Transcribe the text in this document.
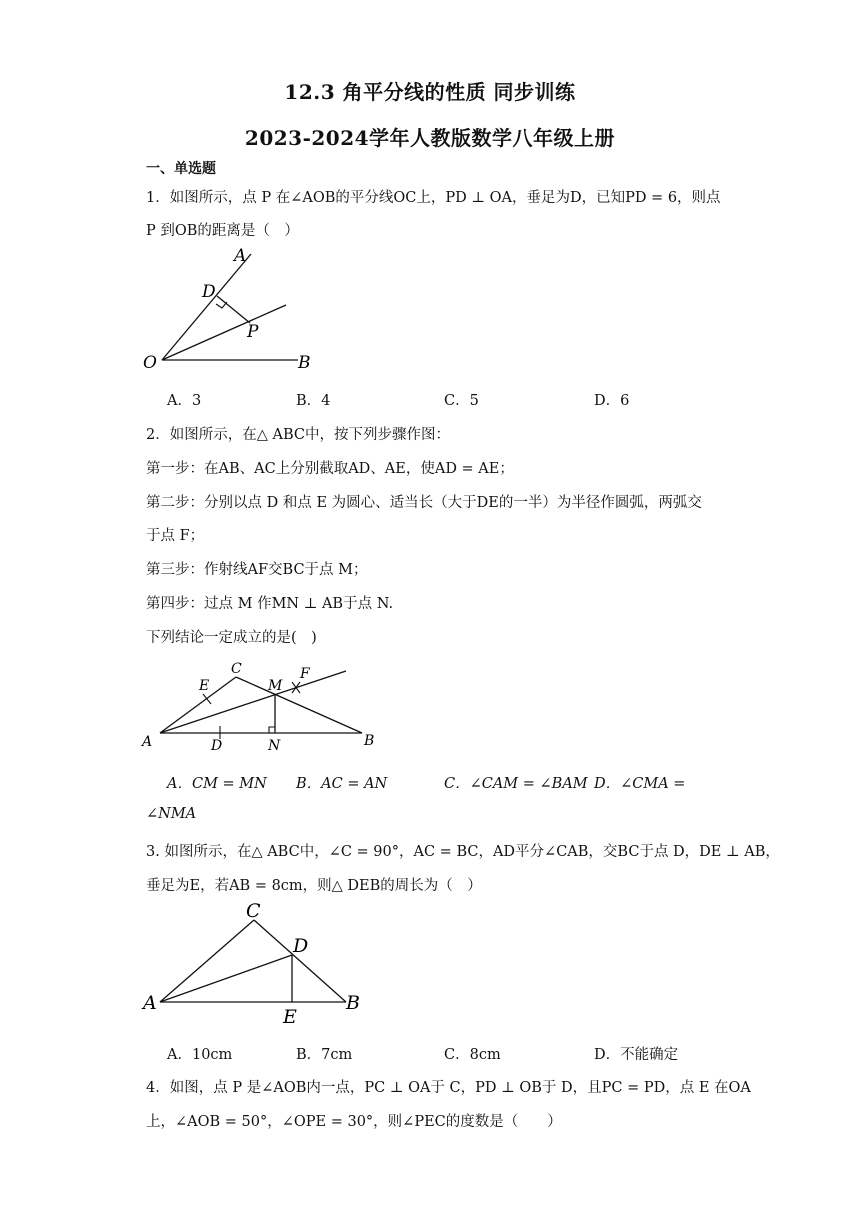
12.3 角平分线的性质 同步训练
2023-2024学年人教版数学八年级上册
一、单选题
1．如图所示，点 P 在∠AOB的平分线OC上，PD ⊥ OA，垂足为D，已知PD = 6，则点
P 到OB的距离是（　）
A
D
P
O	B
A．3	B．4	C．5	D．6
2．如图所示，在△ ABC中，按下列步骤作图：
第一步：在AB、AC上分别截取AD、AE，使AD = AE；
第二步：分别以点 D 和点 E 为圆心、适当长（大于DE的一半）为半径作圆弧，两弧交
于点 F；
第三步：作射线AF交BC于点 M；
第四步：过点 M 作MN ⊥ AB于点 N.
下列结论一定成立的是(　)
A	B
C
E	M
F
D	N
A．CM = MN B．AC = AN	C．∠CAM = ∠BAM D．∠CMA =
∠NMA
3. 如图所示，在△ ABC中，∠C = 90°，AC = BC，AD平分∠CAB，交BC于点 D，DE ⊥ AB，
垂足为E，若AB = 8cm，则△ DEB的周长为（　）
A	B
C
D
E
A．10cm	B．7cm	C．8cm	D．不能确定
4．如图，点 P 是∠AOB内一点，PC ⊥ OA于 C，PD ⊥ OB于 D，且PC = PD，点 E 在OA
上，∠AOB = 50°，∠OPE = 30°，则∠PEC的度数是（　　）
